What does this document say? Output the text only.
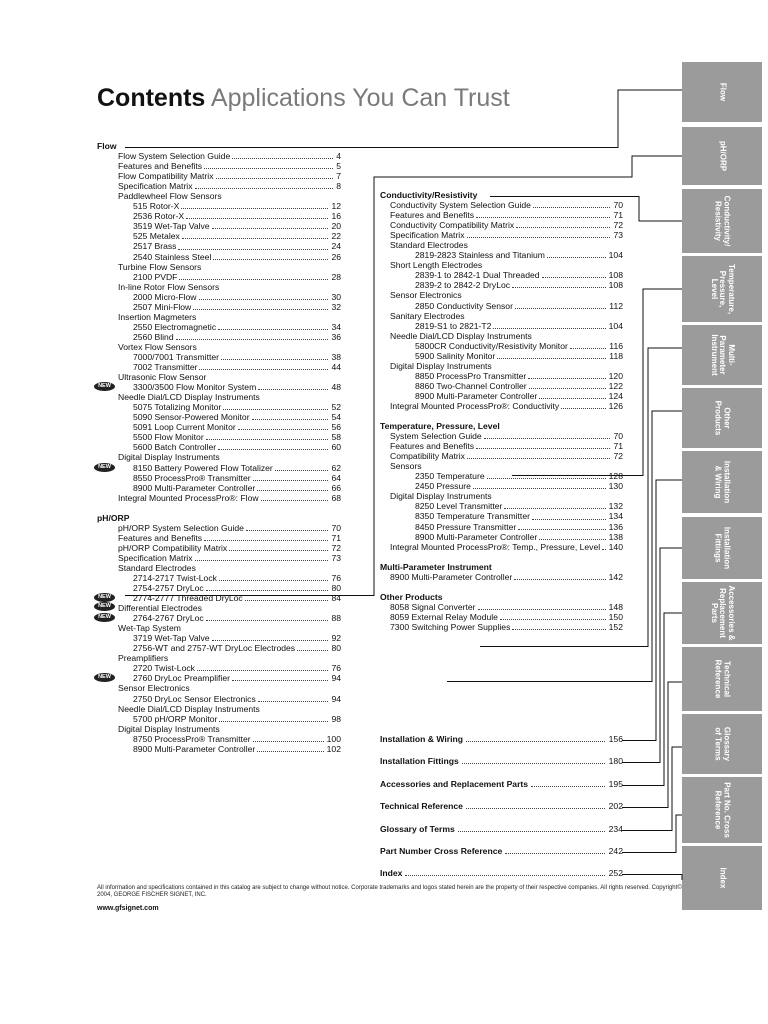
Contents Applications You Can Trust
Flow
Flow System Selection Guide	4
Features and Benefits	5
Flow Compatibility Matrix	7
Specification Matrix	8
Paddlewheel Flow Sensors
515 Rotor-X	12
2536 Rotor-X	16
3519 Wet-Tap Valve	20
525 Metalex	22
2517 Brass	24
2540 Stainless Steel	26
Turbine Flow Sensors
2100 PVDF	28
In-line Rotor Flow Sensors
2000 Micro-Flow	30
2507 Mini-Flow	32
Insertion Magmeters
2550 Electromagnetic	34
2560 Blind	36
Vortex Flow Sensors
7000/7001 Transmitter	38
7002 Transmitter	44
Ultrasonic Flow Sensor
3300/3500 Flow Monitor System	48
NEW
Needle Dial/LCD Display Instruments
5075 Totalizing Monitor	52
5090 Sensor-Powered Monitor	54
5091 Loop Current Monitor	56
5500 Flow Monitor	58
5600 Batch Controller	60
Digital Display Instruments
8150 Battery Powered Flow Totalizer	62
NEW
8550 ProcessPro® Transmitter	64
8900 Multi-Parameter Controller	66
Integral Mounted ProcessPro®: Flow	68
pH/ORP
pH/ORP System Selection Guide	70
Features and Benefits	71
pH/ORP Compatibility Matrix	72
Specification Matrix	73
Standard Electrodes
2714-2717 Twist-Lock	76
2754-2757 DryLoc	80
2774-2777 Threaded DryLoc	84
NEW
Differential Electrodes
2764-2767 DryLoc	88
NEW
Wet-Tap System
3719 Wet-Tap Valve	92
2756-WT and 2757-WT DryLoc Electrodes	80
Preamplifiers
2720 Twist-Lock	76
2760 DryLoc Preamplifier	94
NEW
Sensor Electronics
2750 DryLoc Sensor Electronics	94
Needle Dial/LCD Display Instruments
5700 pH/ORP Monitor	98
Digital Display Instruments
8750 ProcessPro® Transmitter	100
8900 Multi-Parameter Controller	102
Conductivity/Resistivity
Conductivity System Selection Guide	70
Features and Benefits	71
Conductivity Compatibility Matrix	72
Specification Matrix	73
Standard Electrodes
2819-2823 Stainless and Titanium	104
Short Length Electrodes
2839-1 to 2842-1 Dual Threaded	108
2839-2 to 2842-2 DryLoc	108
Sensor Electronics
2850 Conductivity Sensor	112
Sanitary Electrodes
2819-S1 to 2821-T2	104
Needle Dial/LCD Display Instruments
5800CR Conductivity/Resistivity Monitor	116
5900 Salinity Monitor	118
Digital Display Instruments
8850 ProcessPro Transmitter	120
8860 Two-Channel Controller	122
8900 Multi-Parameter Controller	124
Integral Mounted ProcessPro®: Conductivity	126
Temperature, Pressure, Level
System Selection Guide	70
Features and Benefits	71
Compatibility Matrix	72
Sensors
2350 Temperature	128
2450 Pressure	130
Digital Display Instruments
8250 Level Transmitter	132
8350 Temperature Transmitter	134
8450 Pressure Transmitter	136
8900 Multi-Parameter Controller	138
Integral Mounted ProcessPro®: Temp., Pressure, Level 140
Multi-Parameter Instrument
8900 Multi-Parameter Controller	142
Other Products
8058 Signal Converter	148
NEW
8059 External Relay Module	150
7300 Switching Power Supplies	152
Installation & Wiring	156
Installation Fittings	180
Accessories and Replacement Parts	195
Technical Reference	202
Glossary of Terms	234
Part Number Cross Reference	242
Index	252
Flow
pH/ORP
Conductivity/
Resistivity
Temperature,
Pressure,
Level
Multi-
Parameter
Instrument
Other
Products
Installation
& Wiring
Installation
Fittings
Accessories &
Replacement
Parts
Technical
Reference
Glossary
of Terms
Part No. Cross
Reference
Index
All information and specifications contained in this catalog are subject to change without notice. Corporate trademarks and logos stated herein are the property of their respective companies. All rights reserved. Copyright© 2004, GEORGE FISCHER SIGNET, INC.
www.gfsignet.com
